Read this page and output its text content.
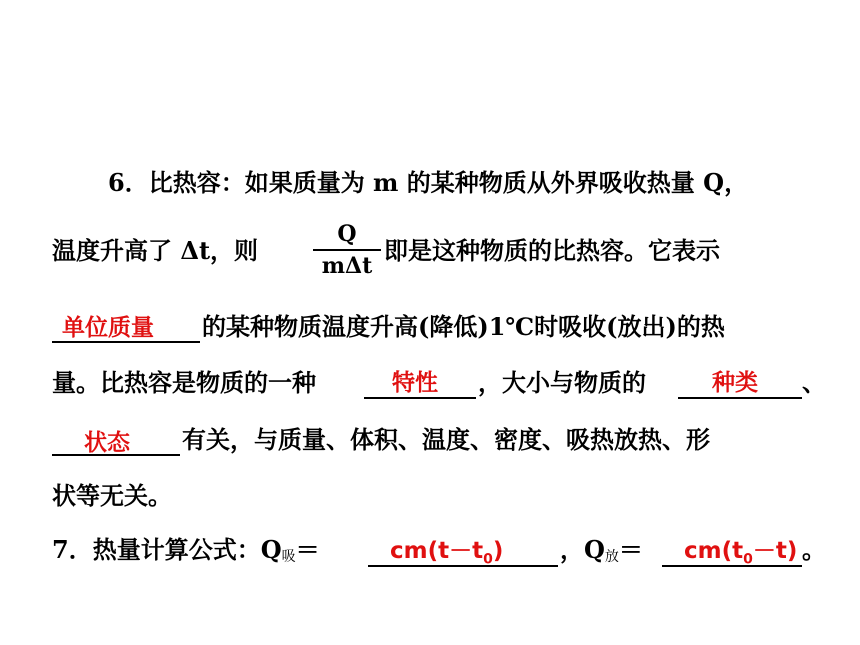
6．比热容：如果质量为 m 的某种物质从外界吸收热量 Q，
温度升高了 Δt，则
Q
mΔt
即是这种物质的比热容。它表示
单位质量 的某种物质温度升高(降低)1℃时吸收(放出)的热
量。比热容是物质的一种	特性 ，大小与物质的	种类 、
状态 有关，与质量、体积、温度、密度、吸热放热、形
状等无关。
7．热量计算公式：$Q_吸=$	$cm(t-t_0)$ ，$Q_放= cm(t_0-t)$ 。
